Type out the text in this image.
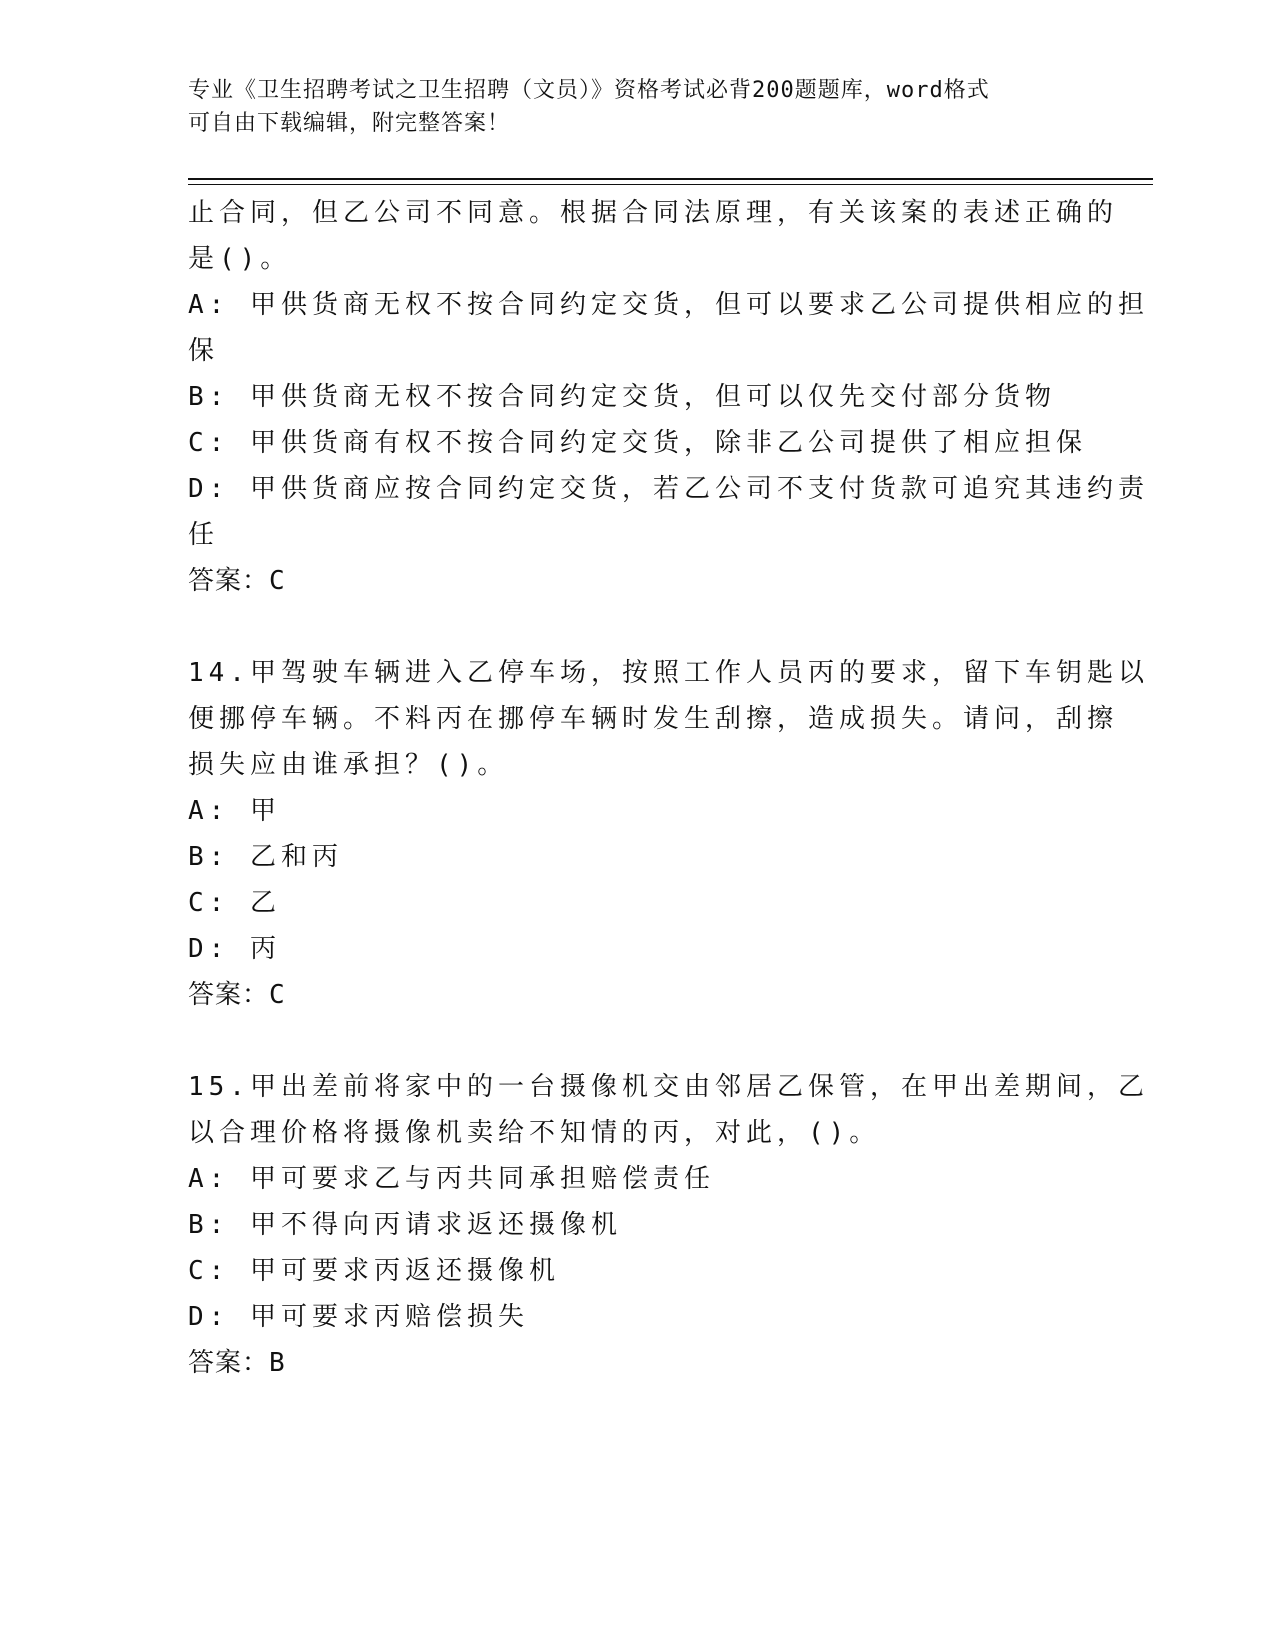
专业《卫生招聘考试之卫生招聘（文员）》资格考试必背200题题库，word格式
可自由下载编辑，附完整答案！
止合同，但乙公司不同意。根据合同法原理，有关该案的表述正确的
是()。
A: 甲供货商无权不按合同约定交货，但可以要求乙公司提供相应的担
保
B: 甲供货商无权不按合同约定交货，但可以仅先交付部分货物
C: 甲供货商有权不按合同约定交货，除非乙公司提供了相应担保
D: 甲供货商应按合同约定交货，若乙公司不支付货款可追究其违约责
任
答案：C
14.甲驾驶车辆进入乙停车场，按照工作人员丙的要求，留下车钥匙以
便挪停车辆。不料丙在挪停车辆时发生刮擦，造成损失。请问，刮擦
损失应由谁承担？()。
A: 甲
B: 乙和丙
C: 乙
D: 丙
答案：C
15.甲出差前将家中的一台摄像机交由邻居乙保管，在甲出差期间，乙
以合理价格将摄像机卖给不知情的丙，对此，()。
A: 甲可要求乙与丙共同承担赔偿责任
B: 甲不得向丙请求返还摄像机
C: 甲可要求丙返还摄像机
D: 甲可要求丙赔偿损失
答案：B
